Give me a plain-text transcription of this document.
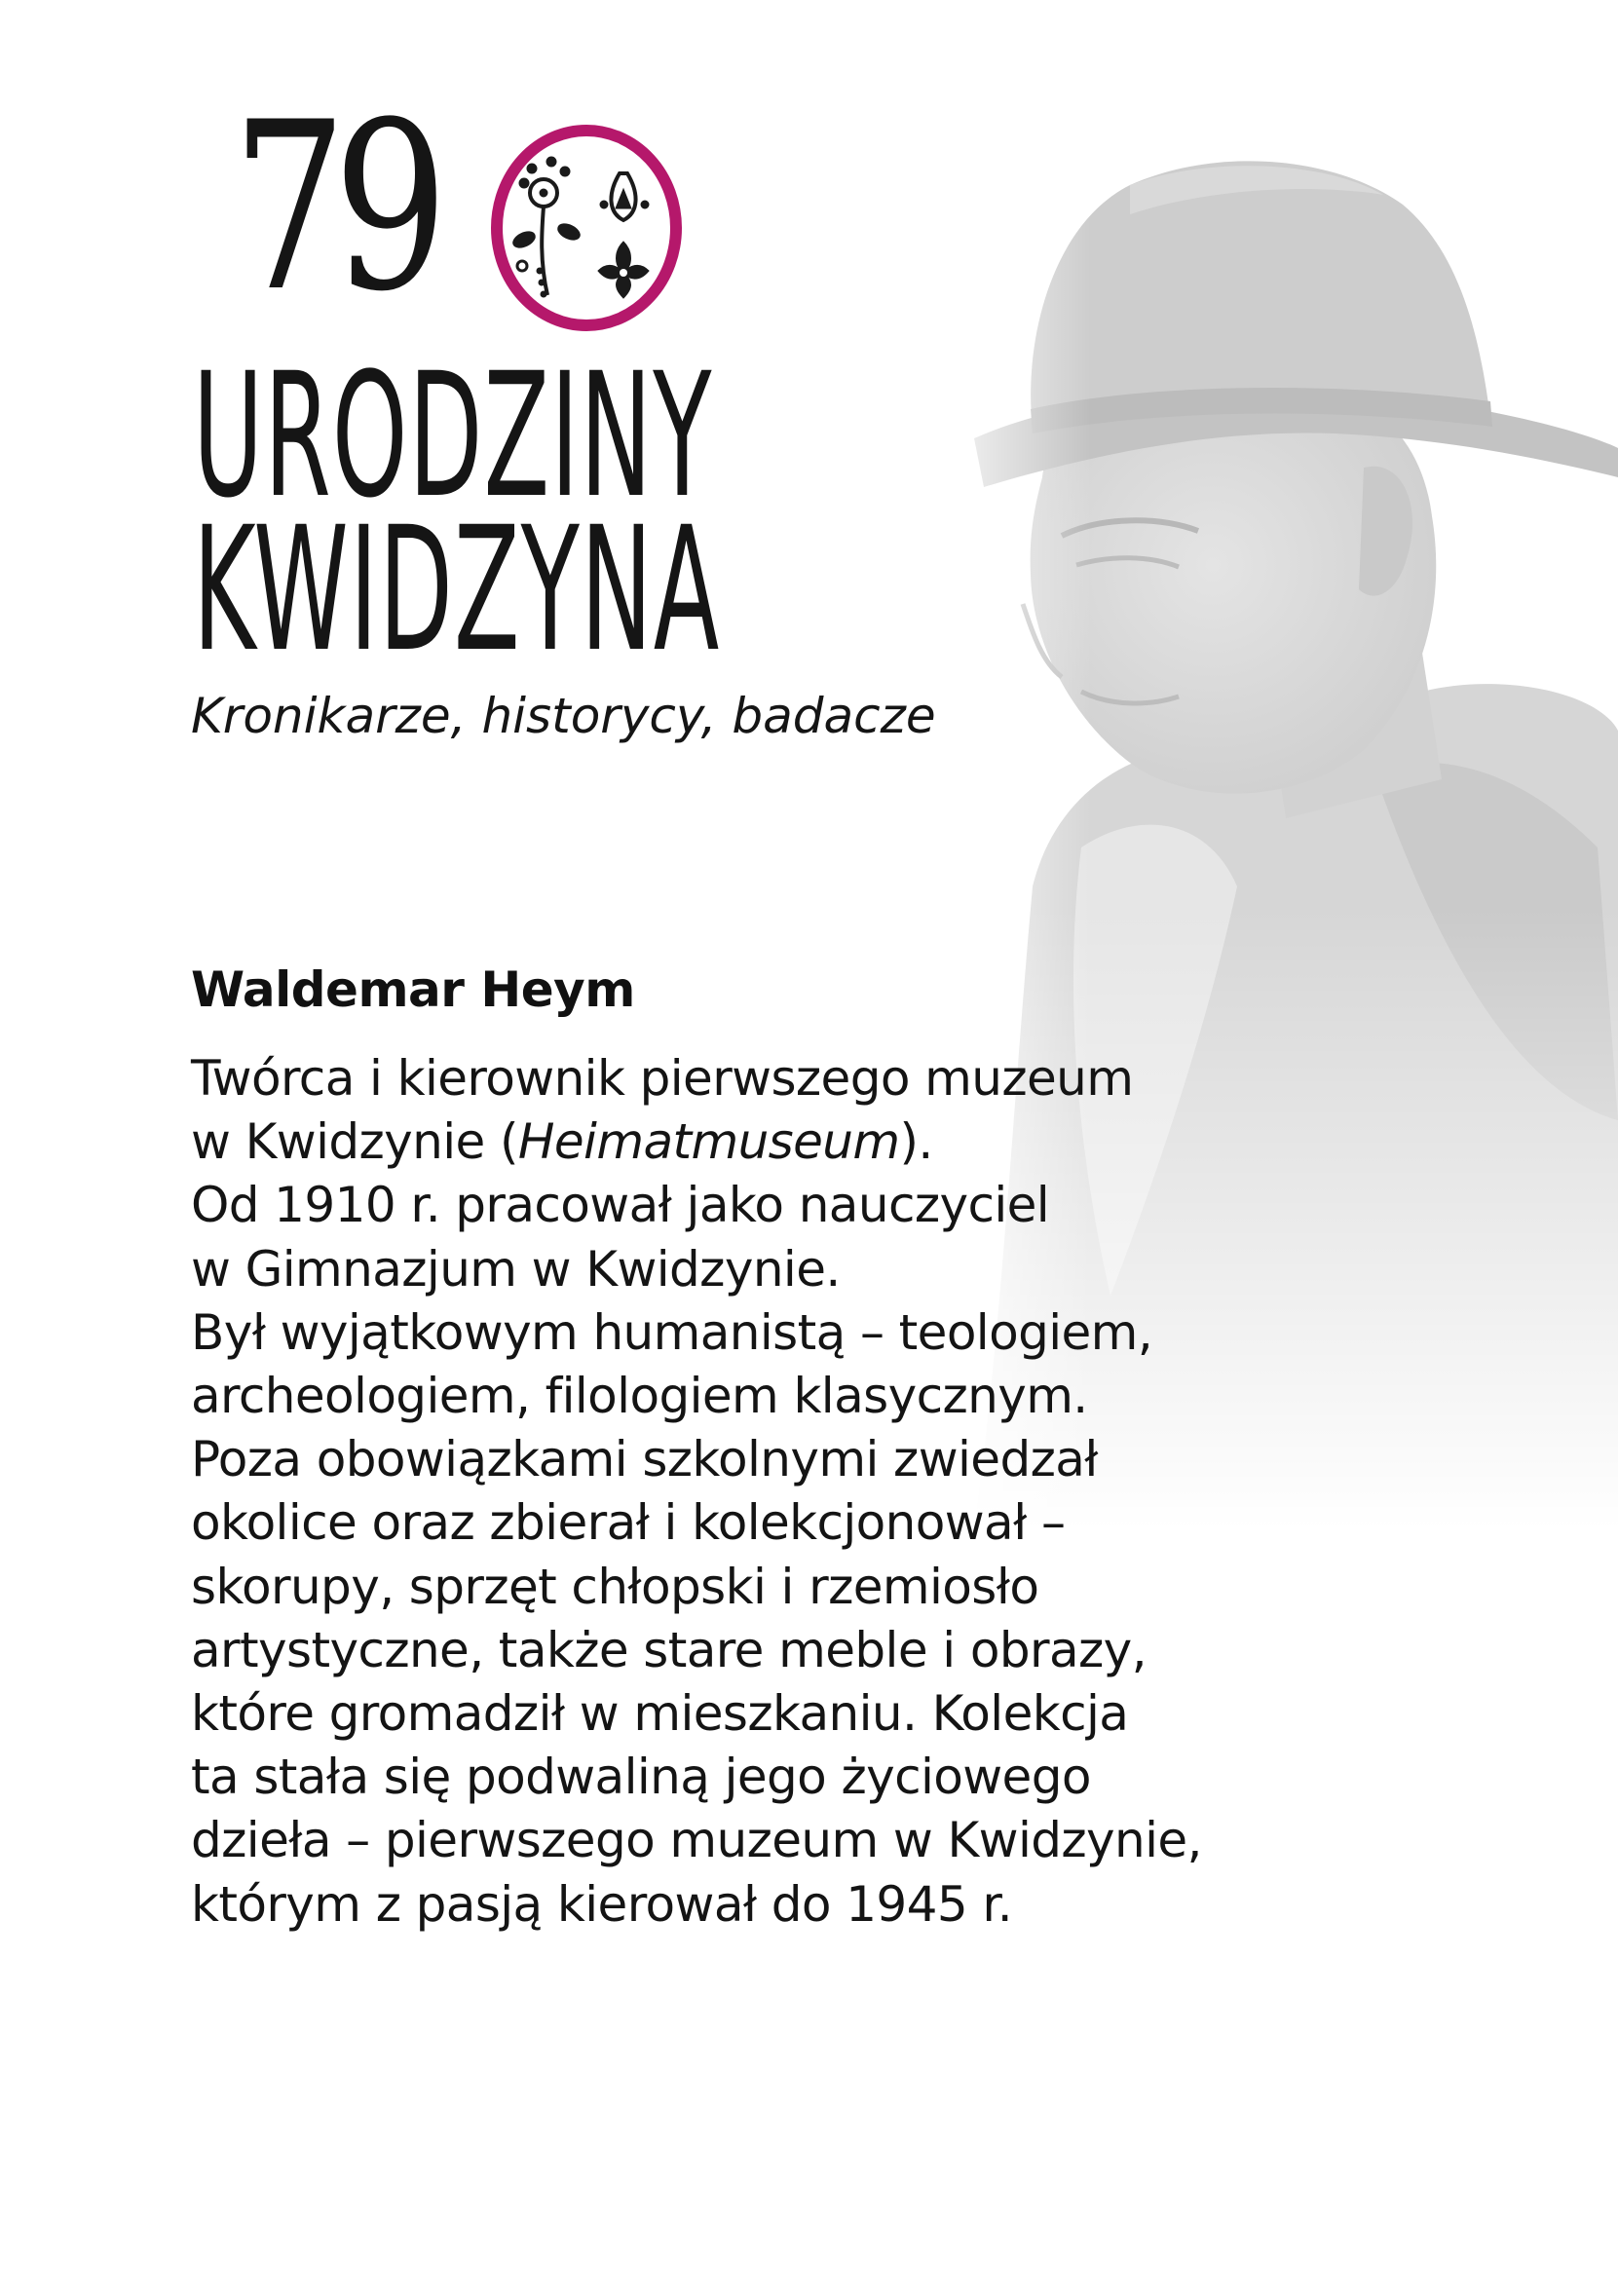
79
URODZINY
KWIDZYNA
Kronikarze, historycy, badacze
Waldemar Heym
Twórca i kierownik pierwszego muzeum
w Kwidzynie (Heimatmuseum).
Od 1910 r. pracował jako nauczyciel
w Gimnazjum w Kwidzynie.
Był wyjątkowym humanistą – teologiem,
archeologiem, filologiem klasycznym.
Poza obowiązkami szkolnymi zwiedzał
okolice oraz zbierał i kolekcjonował –
skorupy, sprzęt chłopski i rzemiosło
artystyczne, także stare meble i obrazy,
które gromadził w mieszkaniu. Kolekcja
ta stała się podwaliną jego życiowego
dzieła – pierwszego muzeum w Kwidzynie,
którym z pasją kierował do 1945 r.
